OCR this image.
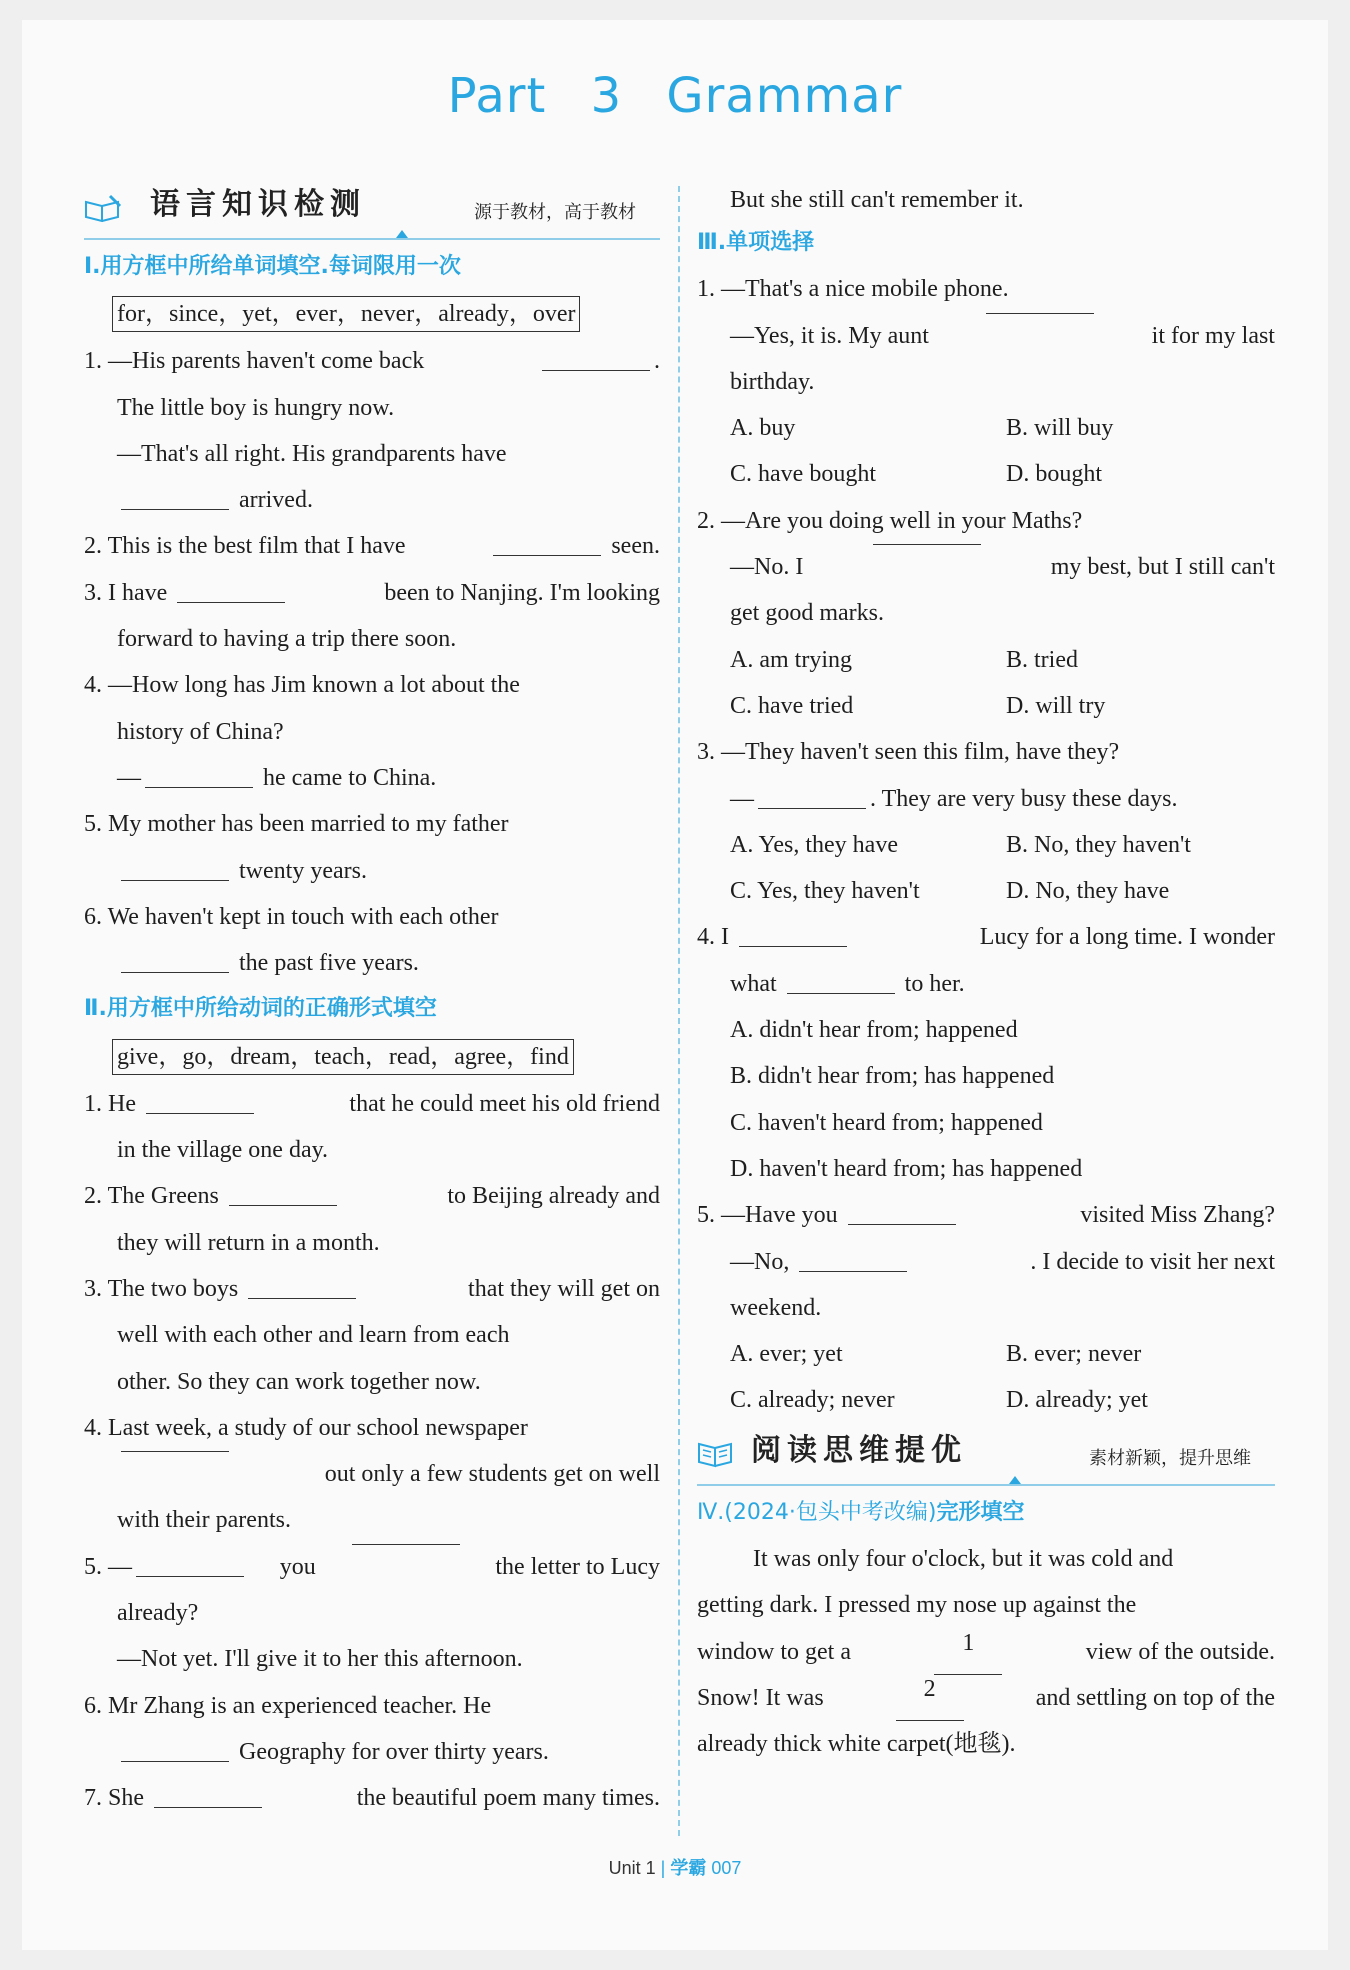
Part 3 Grammar
语言知识检测	源于教材，高于教材
Ⅰ.用方框中所给单词填空.每词限用一次
for，since，yet，ever，never，already，over
1. —His parents haven't come back	.
The little boy is hungry now.
—That's all right. His grandparents have
arrived.
2. This is the best film that I have	seen.
3. I have	been to Nanjing. I'm looking
forward to having a trip there soon.
4. —How long has Jim known a lot about the
history of China?
—	he came to China.
5. My mother has been married to my father
twenty years.
6. We haven't kept in touch with each other
the past five years.
Ⅱ.用方框中所给动词的正确形式填空
give，go，dream，teach，read，agree，find
1. He	that he could meet his old friend
in the village one day.
2. The Greens	to Beijing already and
they will return in a month.
3. The two boys	that they will get on
well with each other and learn from each
other. So they can work together now.
4. Last week, a study of our school newspaper
out only a few students get on well
with their parents.
5. —	you	the letter to Lucy
already?
—Not yet. I'll give it to her this afternoon.
6. Mr Zhang is an experienced teacher. He
Geography for over thirty years.
7. She	the beautiful poem many times.
But she still can't remember it.
Ⅲ.单项选择
1. —That's a nice mobile phone.
—Yes, it is. My aunt	it for my last
birthday.
A. buy	B. will buy
C. have bought	D. bought
2. —Are you doing well in your Maths?
—No. I	my best, but I still can't
get good marks.
A. am trying	B. tried
C. have tried	D. will try
3. —They haven't seen this film, have they?
—	. They are very busy these days.
A. Yes, they have	B. No, they haven't
C. Yes, they haven't	D. No, they have
4. I	Lucy for a long time. I wonder
what	to her.
A. didn't hear from; happened
B. didn't hear from; has happened
C. haven't heard from; happened
D. haven't heard from; has happened
5. —Have you	visited Miss Zhang?
—No,	. I decide to visit her next
weekend.
A. ever; yet	B. ever; never
C. already; never	D. already; yet
阅读思维提优	素材新颖，提升思维
Ⅳ.(2024·包头中考改编)完形填空
It was only four o'clock, but it was cold and
getting dark. I pressed my nose up against the
window to get a	1	view of the outside.
Snow! It was	2	and settling on top of the
already thick white carpet(地毯).
Unit 1 | 学霸 007
